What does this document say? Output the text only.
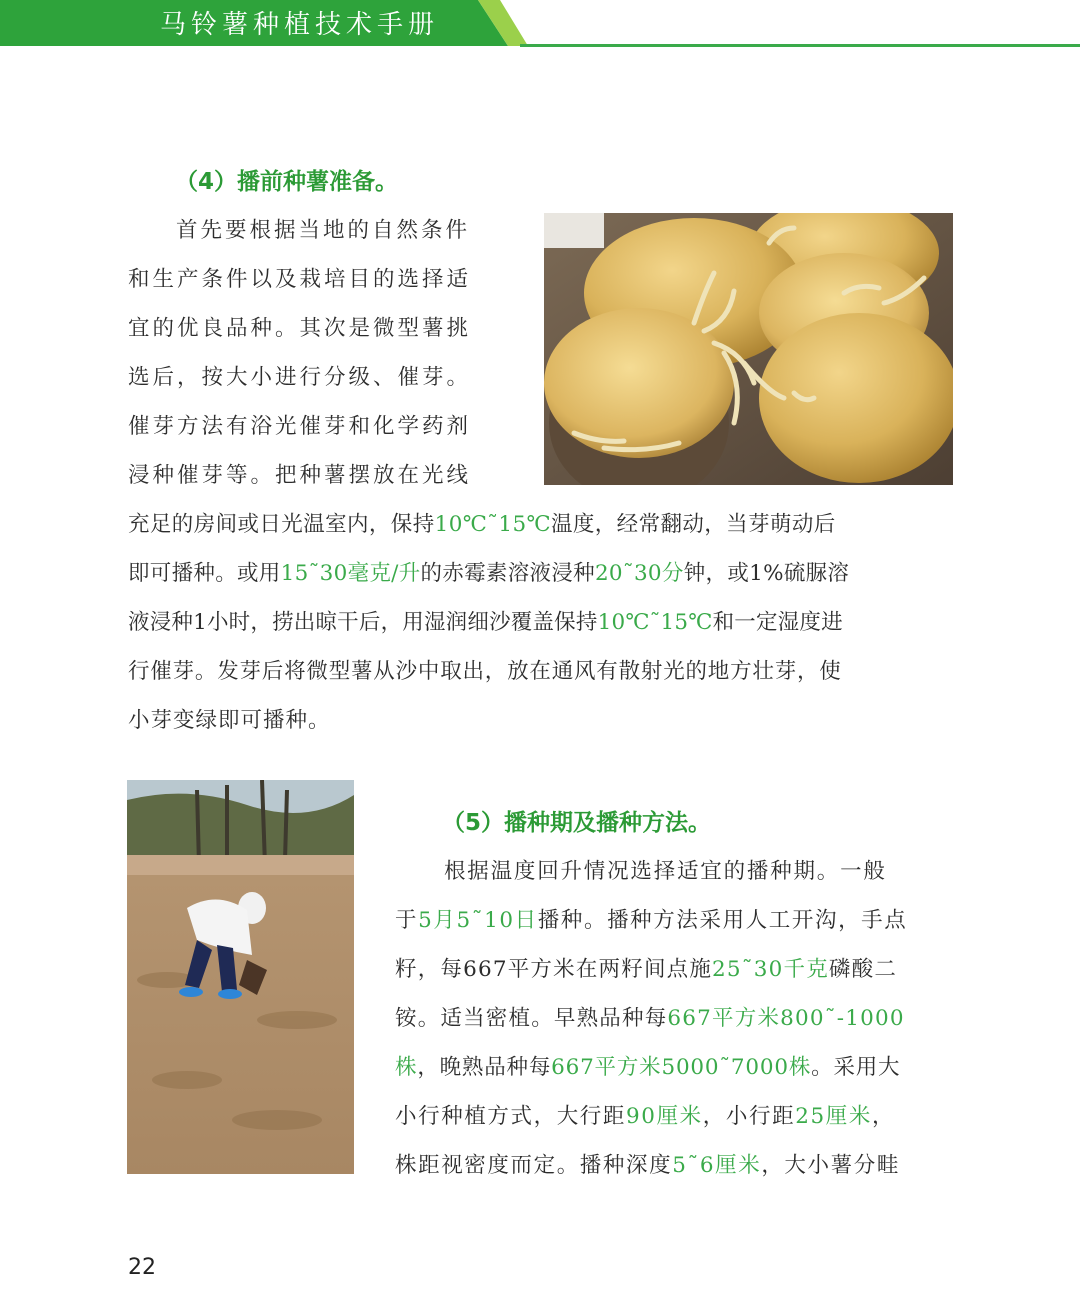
马铃薯种植技术手册
（4）播前种薯准备。

首先要根据当地的自然条件

和生产条件以及栽培目的选择适

宜的优良品种。其次是微型薯挑

选后，按大小进行分级、催芽。

催芽方法有浴光催芽和化学药剂

浸种催芽等。把种薯摆放在光线

充足的房间或日光温室内，保持10℃˜15℃温度，经常翻动，当芽萌动后

即可播种。或用15˜30毫克/升的赤霉素溶液浸种20˜30分钟，或1%硫脲溶

液浸种1小时，捞出晾干后，用湿润细沙覆盖保持10℃˜15℃和一定湿度进

行催芽。发芽后将微型薯从沙中取出，放在通风有散射光的地方壮芽，使

小芽变绿即可播种。

（5）播种期及播种方法。

根据温度回升情况选择适宜的播种期。一般

于5月5˜10日播种。播种方法采用人工开沟，手点

籽，每667平方米在两籽间点施25˜30千克磷酸二

铵。适当密植。早熟品种每667平方米800˜-1000

株，晚熟品种每667平方米5000˜7000株。采用大

小行种植方式，大行距90厘米，小行距25厘米，

株距视密度而定。播种深度5˜6厘米，大小薯分畦

22
